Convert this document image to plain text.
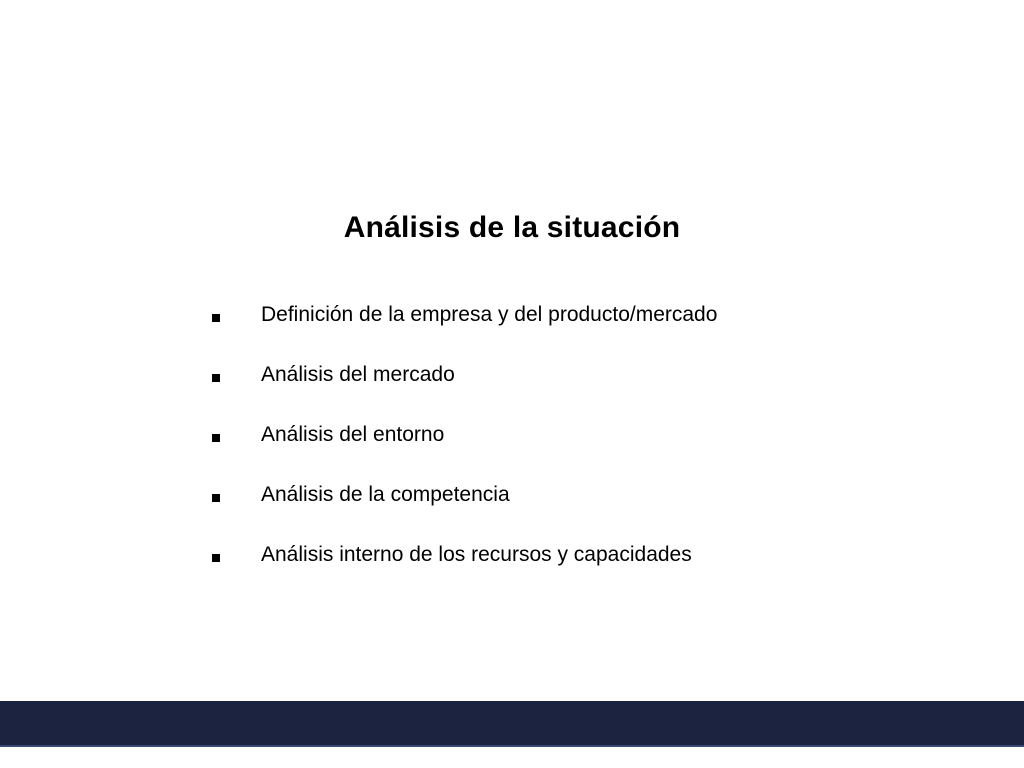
Análisis de la situación
Definición de la empresa y del producto/mercado
Análisis del mercado
Análisis del entorno
Análisis de la competencia
Análisis interno de los recursos y capacidades
